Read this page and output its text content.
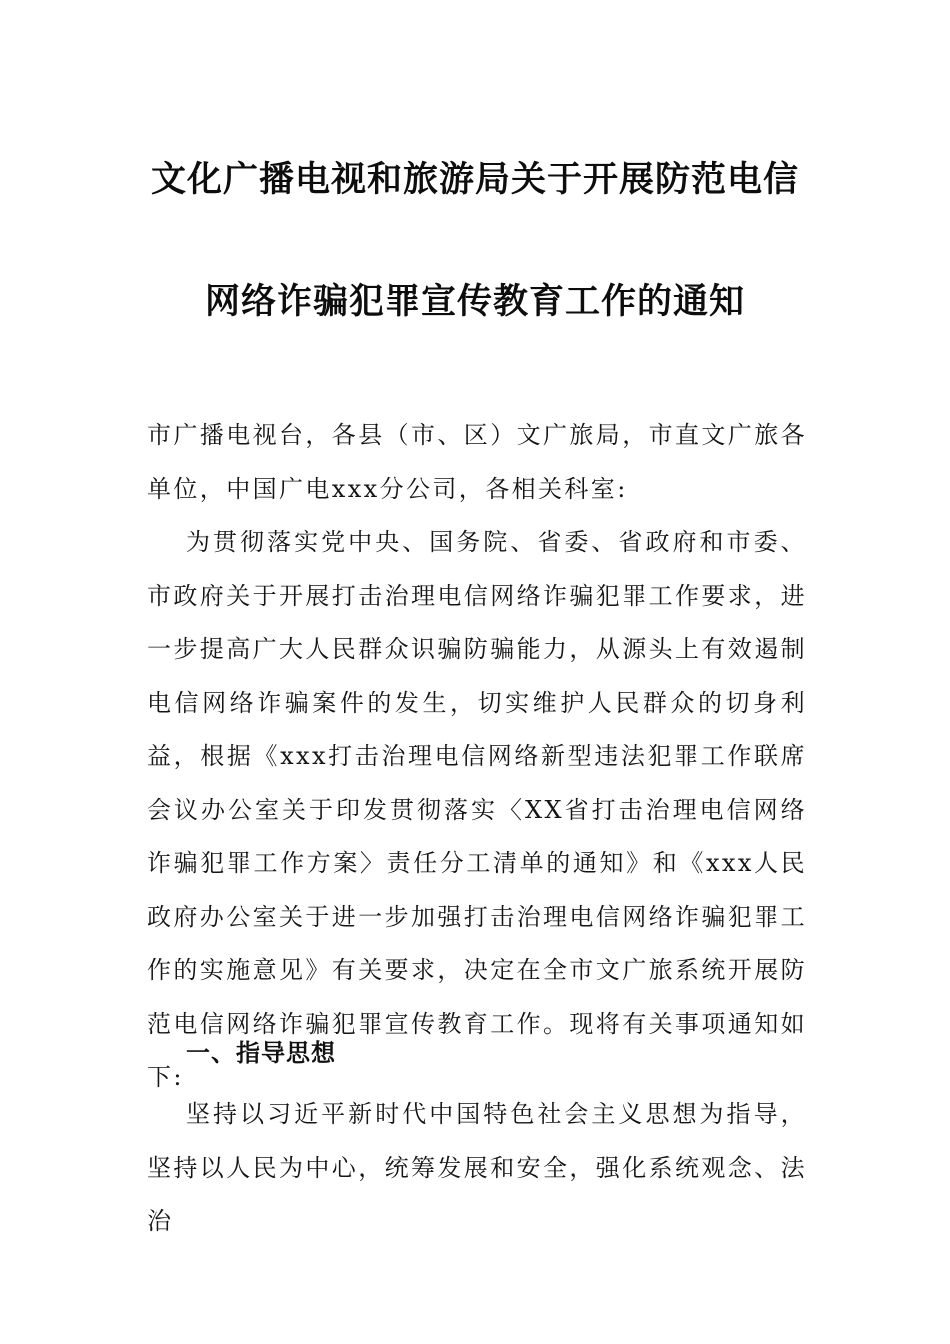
文化广播电视和旅游局关于开展防范电信
网络诈骗犯罪宣传教育工作的通知
市广播电视台，各县（市、区）文广旅局，市直文广旅各单位，中国广电xxx分公司，各相关科室:
为贯彻落实党中央、国务院、省委、省政府和市委、市政府关于开展打击治理电信网络诈骗犯罪工作要求，进一步提高广大人民群众识骗防骗能力，从源头上有效遏制电信网络诈骗案件的发生，切实维护人民群众的切身利益，根据《xxx打击治理电信网络新型违法犯罪工作联席会议办公室关于印发贯彻落实〈XX省打击治理电信网络诈骗犯罪工作方案〉责任分工清单的通知》和《xxx人民政府办公室关于进一步加强打击治理电信网络诈骗犯罪工作的实施意见》有关要求，决定在全市文广旅系统开展防范电信网络诈骗犯罪宣传教育工作。现将有关事项通知如下:
一、指导思想
坚持以习近平新时代中国特色社会主义思想为指导，坚持以人民为中心，统筹发展和安全，强化系统观念、法治
